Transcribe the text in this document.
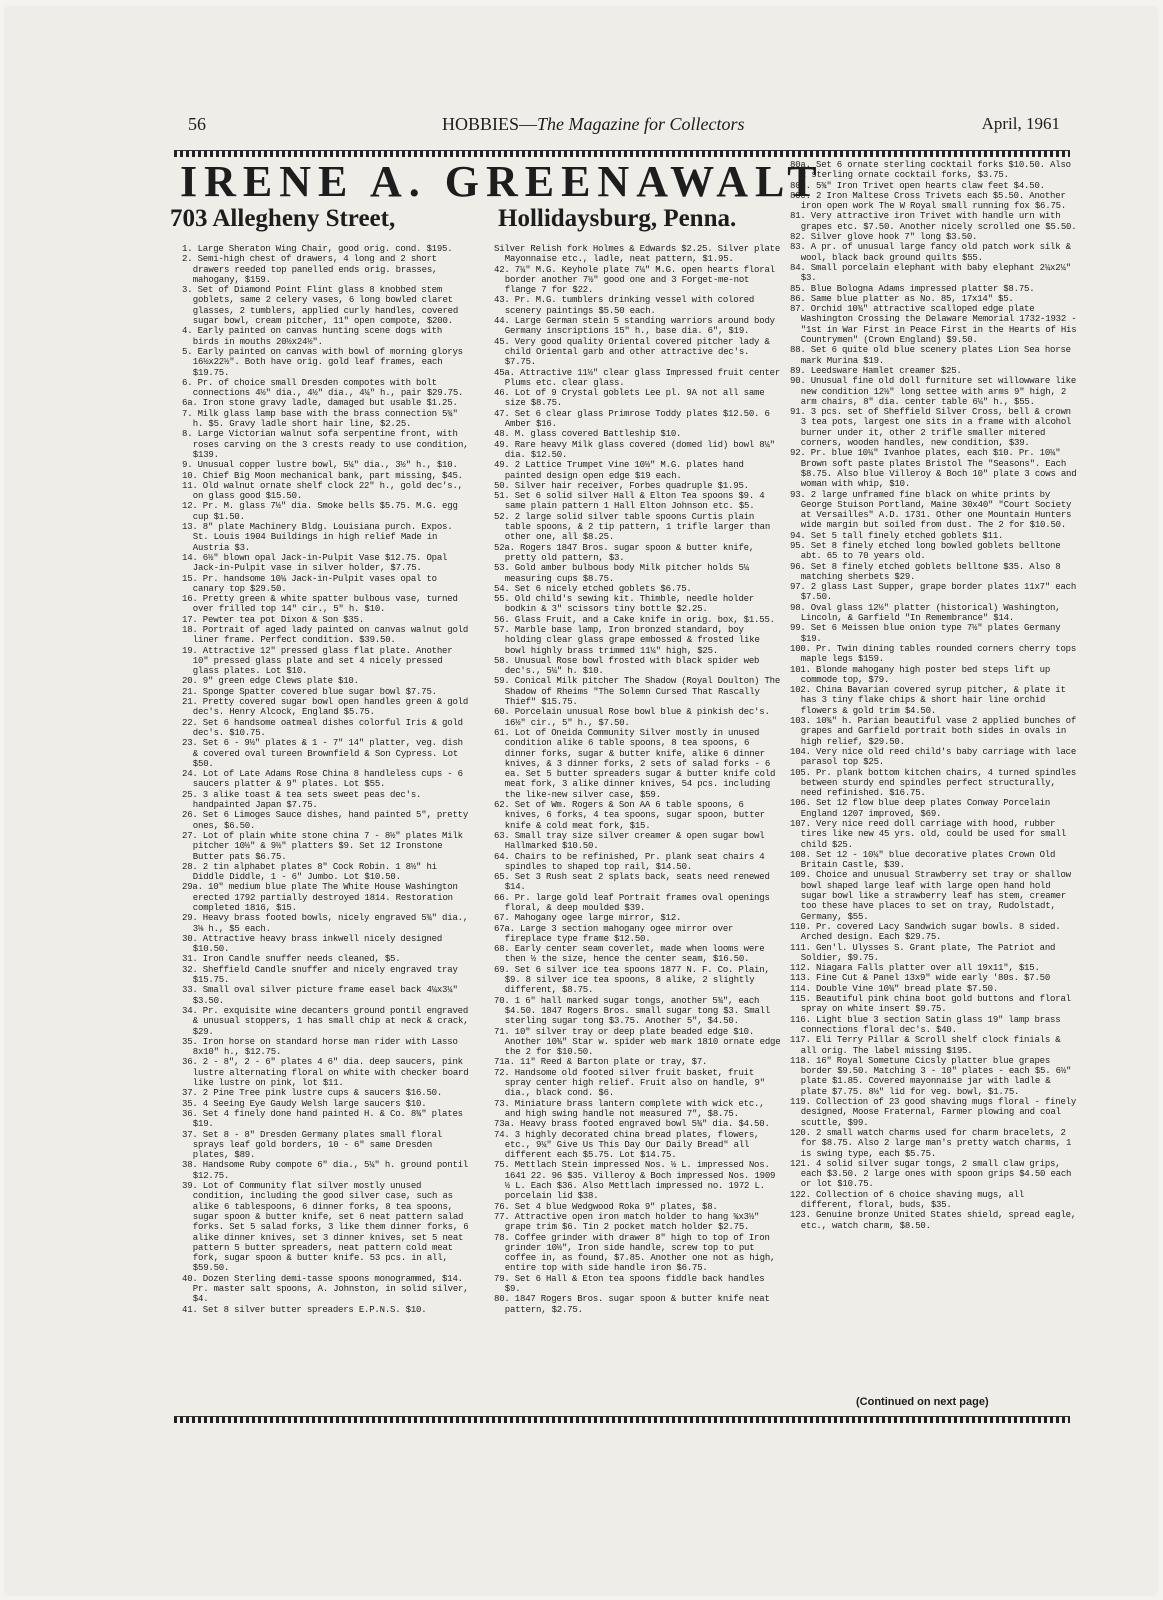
56	HOBBIES—The Magazine for Collectors	April, 1961
IRENE A. GREENAWALT
703 Allegheny Street,	Hollidaysburg, Penna.

1. Large Sheraton Wing Chair, good orig. cond. $195.

2. Semi-high chest of drawers, 4 long and 2 short drawers reeded top panelled ends orig. brasses, mahogany, $159.

3. Set of Diamond Point Flint glass 8 knobbed stem goblets, same 2 celery vases, 6 long bowled claret glasses, 2 tumblers, applied curly handles, covered sugar bowl, cream pitcher, 11" open compote, $200.

4. Early painted on canvas hunting scene dogs with birds in mouths 20½x24½".

5. Early painted on canvas with bowl of morning glorys 16½x22½". Both have orig. gold leaf frames, each $19.75.

6. Pr. of choice small Dresden compotes with bolt connections 4½" dia., 4½" dia., 4¼" h., pair $29.75.

6a. Iron stone gravy ladle, damaged but usable $1.25.

7. Milk glass lamp base with the brass connection 5¾" h. $5. Gravy ladle short hair line, $2.25.

8. Large Victorian walnut sofa serpentine front, with roses carving on the 3 crests ready to use condition, $139.

9. Unusual copper lustre bowl, 5¼" dia., 3½" h., $10.

10. Chief Big Moon mechanical bank, part missing, $45.

11. Old walnut ornate shelf clock 22" h., gold dec's., on glass good $15.50.

12. Pr. M. glass 7½" dia. Smoke bells $5.75. M.G. egg cup $1.50.

13. 8" plate Machinery Bldg. Louisiana purch. Expos. St. Louis 1904 Buildings in high relief Made in Austria $3.

14. 6½" blown opal Jack-in-Pulpit Vase $12.75. Opal Jack-in-Pulpit vase in silver holder, $7.75.

15. Pr. handsome 10¼ Jack-in-Pulpit vases opal to canary top $29.50.

16. Pretty green & white spatter bulbous vase, turned over frilled top 14" cir., 5" h. $10.

17. Pewter tea pot Dixon & Son $35.

18. Portrait of aged lady painted on canvas walnut gold liner frame. Perfect condition. $39.50.

19. Attractive 12" pressed glass flat plate. Another 10" pressed glass plate and set 4 nicely pressed glass plates. Lot $10.

20. 9" green edge Clews plate $10.

21. Sponge Spatter covered blue sugar bowl $7.75.

21. Pretty covered sugar bowl open handles green & gold dec's. Henry Alcock, England $5.75.

22. Set 6 handsome oatmeal dishes colorful Iris & gold dec's. $10.75.

23. Set 6 - 9½" plates & 1 - 7" 14" platter, veg. dish & covered oval tureen Brownfield & Son Cypress. Lot $50.

24. Lot of Late Adams Rose China 8 handleless cups - 6 saucers platter & 9" plates. Lot $55.

25. 3 alike toast & tea sets sweet peas dec's. handpainted Japan $7.75.

26. Set 6 Limoges Sauce dishes, hand painted 5", pretty ones, $6.50.

27. Lot of plain white stone china 7 - 8½" plates Milk pitcher 10½" & 9½" platters $9. Set 12 Ironstone Butter pats $6.75.

28. 2 tin alphabet plates 8" Cock Robin. 1 8½" hi Diddle Diddle, 1 - 6" Jumbo. Lot $10.50.

29a. 10" medium blue plate The White House Washington erected 1792 partially destroyed 1814. Restoration completed 1816, $15.

29. Heavy brass footed bowls, nicely engraved 5¾" dia., 3⅛ h., $5 each.

30. Attractive heavy brass inkwell nicely designed $10.50.

31. Iron Candle snuffer needs cleaned, $5.

32. Sheffield Candle snuffer and nicely engraved tray $15.75.

33. Small oval silver picture frame easel back 4¼x3¼" $3.50.

34. Pr. exquisite wine decanters ground pontil engraved & unusual stoppers, 1 has small chip at neck & crack, $29.

35. Iron horse on standard horse man rider with Lasso 8x10" h., $12.75.

36. 2 - 8", 2 - 6" plates 4 6" dia. deep saucers, pink lustre alternating floral on white with checker board like lustre on pink, lot $11.

37. 2 Pine Tree pink lustre cups & saucers $16.50.

35. 4 Seeing Eye Gaudy Welsh large saucers $10.

36. Set 4 finely done hand painted H. & Co. 8¾" plates $19.

37. Set 8 - 8" Dresden Germany plates small floral sprays leaf gold borders, 10 - 6" same Dresden plates, $89.

38. Handsome Ruby compote 6" dia., 5¼" h. ground pontil $12.75.

39. Lot of Community flat silver mostly unused condition, including the good silver case, such as alike 6 tablespoons, 6 dinner forks, 8 tea spoons, sugar spoon & butter knife, set 6 neat pattern salad forks. Set 5 salad forks, 3 like them dinner forks, 6 alike dinner knives, set 3 dinner knives, set 5 neat pattern 5 butter spreaders, neat pattern cold meat fork, sugar spoon & butter knife. 53 pcs. in all, $59.50.

40. Dozen Sterling demi-tasse spoons monogrammed, $14. Pr. master salt spoons, A. Johnston, in solid silver, $4.

41. Set 8 silver butter spreaders E.P.N.S. $10.

Silver Relish fork Holmes & Edwards $2.25. Silver plate Mayonnaise etc., ladle, neat pattern, $1.95.

42. 7¼" M.G. Keyhole plate 7¼" M.G. open hearts floral border another 7½" good one and 3 Forget-me-not flange 7 for $22.

43. Pr. M.G. tumblers drinking vessel with colored scenery paintings $5.50 each.

44. Large German stein 5 standing warriors around body Germany inscriptions 15" h., base dia. 6", $19.

45. Very good quality Oriental covered pitcher lady & child Oriental garb and other attractive dec's. $7.75.

45a. Attractive 11½" clear glass Impressed fruit center Plums etc. clear glass.

46. Lot of 9 Crystal goblets Lee pl. 9A not all same size $8.75.

47. Set 6 clear glass Primrose Toddy plates $12.50. 6 Amber $16.

48. M. glass covered Battleship $10.

49. Rare heavy Milk glass covered (domed lid) bowl 8¼" dia. $12.50.

49. 2 Lattice Trumpet Vine 10½" M.G. plates hand painted design open edge $19 each.

50. Silver hair receiver, Forbes quadruple $1.95.

51. Set 6 solid silver Hall & Elton Tea spoons $9. 4 same plain pattern 1 Hall Elton Johnson etc. $5.

52. 2 large solid silver table spoons Curtis plain table spoons, & 2 tip pattern, 1 trifle larger than other one, all $8.25.

52a. Rogers 1847 Bros. sugar spoon & butter knife, pretty old pattern, $3.

53. Gold amber bulbous body Milk pitcher holds 5¼ measuring cups $8.75.

54. Set 6 nicely etched goblets $6.75.

55. Old child's sewing kit. Thimble, needle holder bodkin & 3" scissors tiny bottle $2.25.

56. Glass Fruit, and a Cake knife in orig. box, $1.55.

57. Marble base lamp, Iron bronzed standard, boy holding clear glass grape embossed & frosted like bowl highly brass trimmed 11¼" high, $25.

58. Unusual Rose bowl frosted with black spider web dec's., 5¼" h. $10.

59. Conical Milk pitcher The Shadow (Royal Doulton) The Shadow of Rheims "The Solemn Cursed That Rascally Thief" $15.75.

60. Porcelain unusual Rose bowl blue & pinkish dec's. 16½" cir., 5" h., $7.50.

61. Lot of Oneida Community Silver mostly in unused condition alike 6 table spoons, 8 tea spoons, 6 dinner forks, sugar & butter knife, alike 6 dinner knives, & 3 dinner forks, 2 sets of salad forks - 6 ea. Set 5 butter spreaders sugar & butter knife cold meat fork, 3 alike dinner knives, 54 pcs. including the like-new silver case, $59.

62. Set of Wm. Rogers & Son AA 6 table spoons, 6 knives, 6 forks, 4 tea spoons, sugar spoon, butter knife & cold meat fork, $15.

63. Small tray size silver creamer & open sugar bowl Hallmarked $10.50.

64. Chairs to be refinished, Pr. plank seat chairs 4 spindles to shaped top rail, $14.50.

65. Set 3 Rush seat 2 splats back, seats need renewed $14.

66. Pr. large gold leaf Portrait frames oval openings floral, & deep moulded $39.

67. Mahogany ogee large mirror, $12.

67a. Large 3 section mahogany ogee mirror over fireplace type frame $12.50.

68. Early center seam coverlet, made when looms were then ½ the size, hence the center seam, $16.50.

69. Set 6 silver ice tea spoons 1877 N. F. Co. Plain, $9. 8 silver ice tea spoons, 8 alike, 2 slightly different, $8.75.

70. 1 6" hall marked sugar tongs, another 5¾", each $4.50. 1847 Rogers Bros. small sugar tong $3. Small sterling sugar tong $3.75. Another 5", $4.50.

71. 10" silver tray or deep plate beaded edge $10. Another 10¾" Star w. spider web mark 1810 ornate edge the 2 for $10.50.

71a. 11" Reed & Barton plate or tray, $7.

72. Handsome old footed silver fruit basket, fruit spray center high relief. Fruit also on handle, 9" dia., black cond. $6.

73. Miniature brass lantern complete with wick etc., and high swing handle not measured 7", $8.75.

73a. Heavy brass footed engraved bowl 5¾" dia. $4.50.

74. 3 highly decorated china bread plates, flowers, etc., 9¼" Give Us This Day Our Daily Bread" all different each $5.75. Lot $14.75.

75. Mettlach Stein impressed Nos. ½ L. impressed Nos. 1641 22. 96 $35. Villeroy & Boch impressed Nos. 1909 ½ L. Each $36. Also Mettlach impressed no. 1972 L. porcelain lid $38.

76. Set 4 blue Wedgwood Roka 9" plates, $8.

77. Attractive open iron match holder to hang ¾x3½" grape trim $6. Tin 2 pocket match holder $2.75.

78. Coffee grinder with drawer 8" high to top of Iron grinder 10½", Iron side handle, screw top to put coffee in, as found, $7.85. Another one not as high, entire top with side handle iron $6.75.

79. Set 6 Hall & Eton tea spoons fiddle back handles $9.

80. 1847 Rogers Bros. sugar spoon & butter knife neat pattern, $2.75.

80a. Set 6 ornate sterling cocktail forks $10.50. Also 2 sterling ornate cocktail forks, $3.75.

80b. 5¾" Iron Trivet open hearts claw feet $4.50.

80c. 2 Iron Maltese Cross Trivets each $5.50. Another iron open work The W Royal small running fox $6.75.

81. Very attractive iron Trivet with handle urn with grapes etc. $7.50. Another nicely scrolled one $5.50.

82. Silver glove hook 7" long $3.50.

83. A pr. of unusual large fancy old patch work silk & wool, black back ground quilts $55.

84. Small porcelain elephant with baby elephant 2¼x2¼" $3.

85. Blue Bologna Adams impressed platter $8.75.

86. Same blue platter as No. 85, 17x14" $5.

87. Orchid 10¾" attractive scalloped edge plate Washington Crossing the Delaware Memorial 1732-1932 - "1st in War First in Peace First in the Hearts of His Countrymen" (Crown England) $9.50.

88. Set 6 quite old blue scenery plates Lion Sea horse mark Murina $19.

89. Leedsware Hamlet creamer $25.

90. Unusual fine old doll furniture set willowware like new condition 12½" long settee with arms 9" high, 2 arm chairs, 8" dia. center table 6¼" h., $55.

91. 3 pcs. set of Sheffield Silver Cross, bell & crown 3 tea pots, largest one sits in a frame with alcohol burner under it, other 2 trifle smaller mitered corners, wooden handles, new condition, $39.

92. Pr. blue 10¼" Ivanhoe plates, each $10. Pr. 10¼" Brown soft paste plates Bristol The "Seasons". Each $8.75. Also blue Villeroy & Boch 10" plate 3 cows and woman with whip, $10.

93. 2 large unframed fine black on white prints by George Stuison Portland, Maine 30x40" "Court Society at Versailles" A.D. 1731. Other one Mountain Hunters wide margin but soiled from dust. The 2 for $10.50.

94. Set 5 tall finely etched goblets $11.

95. Set 8 finely etched long bowled goblets belltone abt. 65 to 70 years old.

96. Set 8 finely etched goblets belltone $35. Also 8 matching sherbets $29.

97. 2 glass Last Supper, grape border plates 11x7" each $7.50.

98. Oval glass 12½" platter (historical) Washington, Lincoln, & Garfield "In Remembrance" $14.

99. Set 6 Meissen blue onion type 7½" plates Germany $19.

100. Pr. Twin dining tables rounded corners cherry tops maple legs $159.

101. Blonde mahogany high poster bed steps lift up commode top, $79.

102. China Bavarian covered syrup pitcher, & plate it has 3 tiny flake chips & short hair line orchid flowers & gold trim $4.50.

103. 10¾" h. Parian beautiful vase 2 applied bunches of grapes and Garfield portrait both sides in ovals in high relief, $29.50.

104. Very nice old reed child's baby carriage with lace parasol top $25.

105. Pr. plank bottom kitchen chairs, 4 turned spindles between sturdy end spindles perfect structurally, need refinished. $16.75.

106. Set 12 flow blue deep plates Conway Porcelain England 1207 improved, $69.

107. Very nice reed doll carriage with hood, rubber tires like new 45 yrs. old, could be used for small child $25.

108. Set 12 - 10¼" blue decorative plates Crown Old Britain Castle, $39.

109. Choice and unusual Strawberry set tray or shallow bowl shaped large leaf with large open hand hold sugar bowl like a strawberry leaf has stem, creamer too these have places to set on tray, Rudolstadt, Germany, $55.

110. Pr. covered Lacy Sandwich sugar bowls. 8 sided. Arched design. Each $29.75.

111. Gen'l. Ulysses S. Grant plate, The Patriot and Soldier, $9.75.

112. Niagara Falls platter over all 19x11", $15.

113. Fine Cut & Panel 13x9" wide early '80s. $7.50

114. Double Vine 10¾" bread plate $7.50.

115. Beautiful pink china boot gold buttons and floral spray on white insert $9.75.

116. Light blue 3 section Satin glass 19" lamp brass connections floral dec's. $40.

117. Eli Terry Pillar & Scroll shelf clock finials & all orig. The label missing $195.

118. 16" Royal Sometune Cicsly platter blue grapes border $9.50. Matching 3 - 10" plates - each $5. 6½" plate $1.85. Covered mayonnaise jar with ladle & plate $7.75. 8½" lid for veg. bowl, $1.75.

119. Collection of 23 good shaving mugs floral - finely designed, Moose Fraternal, Farmer plowing and coal scuttle, $99.

120. 2 small watch charms used for charm bracelets, 2 for $8.75. Also 2 large man's pretty watch charms, 1 is swing type, each $5.75.

121. 4 solid silver sugar tongs, 2 small claw grips, each $3.50. 2 large ones with spoon grips $4.50 each or lot $10.75.

122. Collection of 6 choice shaving mugs, all different, floral, buds, $35.

123. Genuine bronze United States shield, spread eagle, etc., watch charm, $8.50.

(Continued on next page)
